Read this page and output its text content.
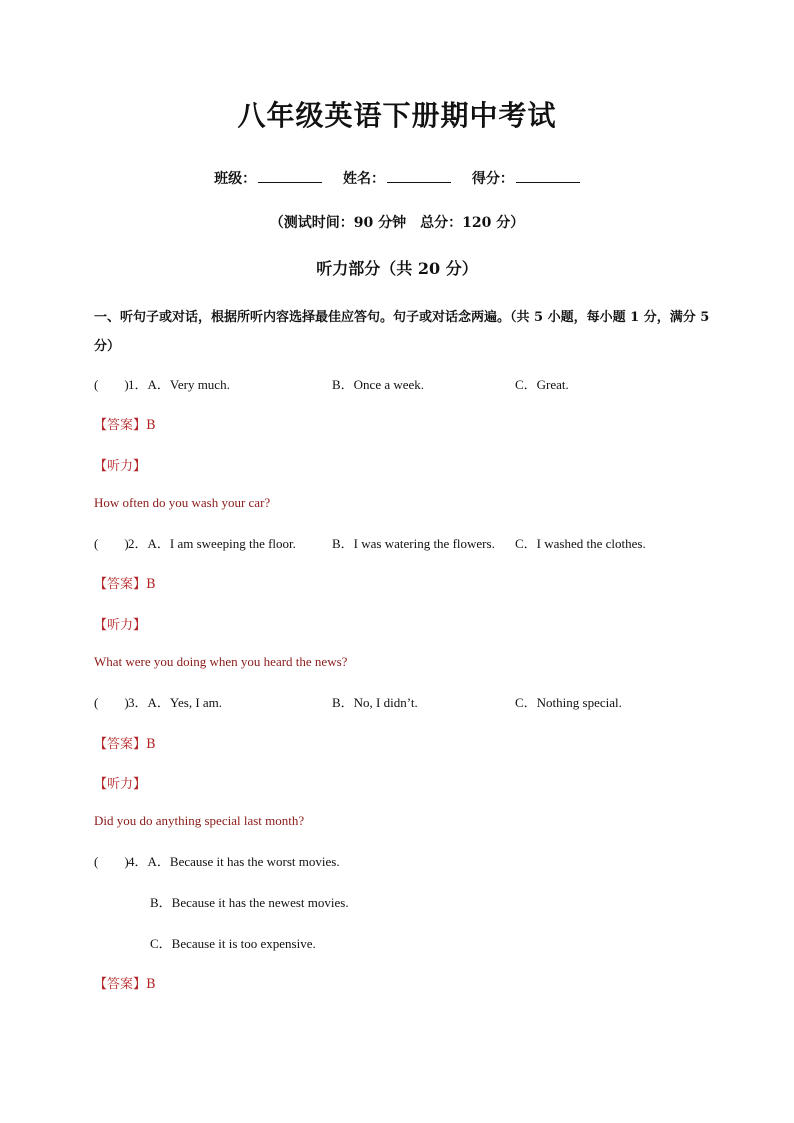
八年级英语下册期中考试
班级：	姓名：	得分：
（测试时间：90 分钟　总分：120 分）
听力部分（共 20 分）
一、听句子或对话，根据所听内容选择最佳应答句。句子或对话念两遍。（共 5 小题，每小题 1 分，满分 5 分）
(　　)1．A．Very much.	B．Once a week.	C．Great.
【答案】B
【听力】
How often do you wash your car?
(　　)2．A．I am sweeping the floor.	B．I was watering the flowers. C．I washed the clothes.
【答案】B
【听力】
What were you doing when you heard the news?
(　　)3．A．Yes, I am.	B．No, I didn’t.	C．Nothing special.
【答案】B
【听力】
Did you do anything special last month?
(　　)4．A．Because it has the worst movies.
B．Because it has the newest movies.
C．Because it is too expensive.
【答案】B
